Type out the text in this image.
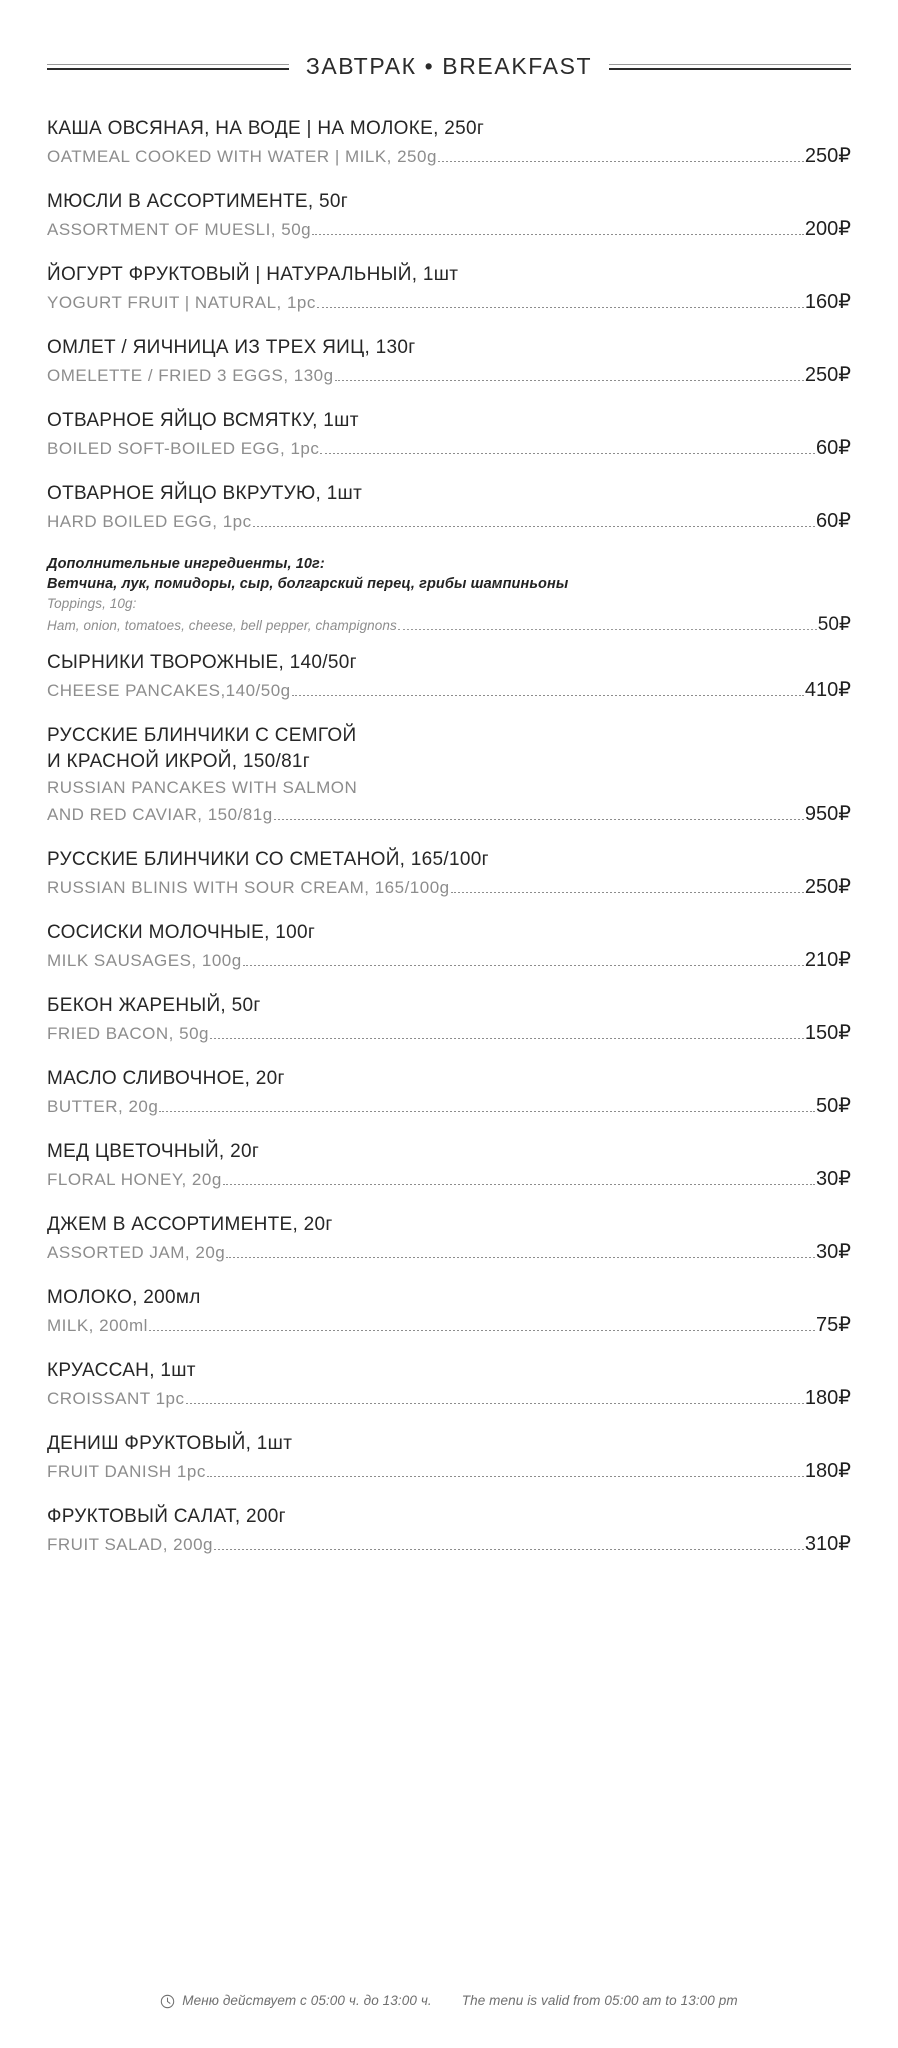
ЗАВТРАК • BREAKFAST
КАША ОВСЯНАЯ, НА ВОДЕ | НА МОЛОКЕ, 250г
OATMEAL COOKED WITH WATER | MILK, 250g	250₽
МЮСЛИ В АССОРТИМЕНТЕ, 50г
ASSORTMENT OF MUESLI, 50g	200₽
ЙОГУРТ ФРУКТОВЫЙ | НАТУРАЛЬНЫЙ, 1шт
YOGURT FRUIT | NATURAL, 1pc	160₽
ОМЛЕТ / ЯИЧНИЦА ИЗ ТРЕХ ЯИЦ, 130г
OMELETTE / FRIED 3 EGGS, 130g	250₽
ОТВАРНОЕ ЯЙЦО ВСМЯТКУ, 1шт
BOILED SOFT-BOILED EGG, 1pc	60₽
ОТВАРНОЕ ЯЙЦО ВКРУТУЮ, 1шт
HARD BOILED EGG, 1pc	60₽
Дополнительные ингредиенты, 10г:
Ветчина, лук, помидоры, сыр, болгарский перец, грибы шампиньоны
Toppings, 10g:
Ham, onion, tomatoes, cheese, bell pepper, champignons	50₽
СЫРНИКИ ТВОРОЖНЫЕ, 140/50г
CHEESE PANCAKES,140/50g	410₽
РУССКИЕ БЛИНЧИКИ С СЕМГОЙ
И КРАСНОЙ ИКРОЙ, 150/81г
RUSSIAN PANCAKES WITH SALMON
AND RED CAVIAR, 150/81g	950₽
РУССКИЕ БЛИНЧИКИ СО СМЕТАНОЙ, 165/100г
RUSSIAN BLINIS WITH SOUR CREAM, 165/100g	250₽
СОСИСКИ МОЛОЧНЫЕ, 100г
MILK SAUSAGES, 100g	210₽
БЕКОН ЖАРЕНЫЙ, 50г
FRIED BACON, 50g	150₽
МАСЛО СЛИВОЧНОЕ, 20г
BUTTER, 20g	50₽
МЕД ЦВЕТОЧНЫЙ, 20г
FLORAL HONEY, 20g	30₽
ДЖЕМ В АССОРТИМЕНТЕ, 20г
ASSORTED JAM, 20g	30₽
МОЛОКО, 200мл
MILK, 200ml	75₽
КРУАССАН, 1шт
CROISSANT 1pc	180₽
ДЕНИШ ФРУКТОВЫЙ, 1шт
FRUIT DANISH 1pc	180₽
ФРУКТОВЫЙ САЛАТ, 200г
FRUIT SALAD, 200g	310₽
Меню действует с 05:00 ч. до 13:00 ч. The menu is valid from 05:00 am to 13:00 pm
